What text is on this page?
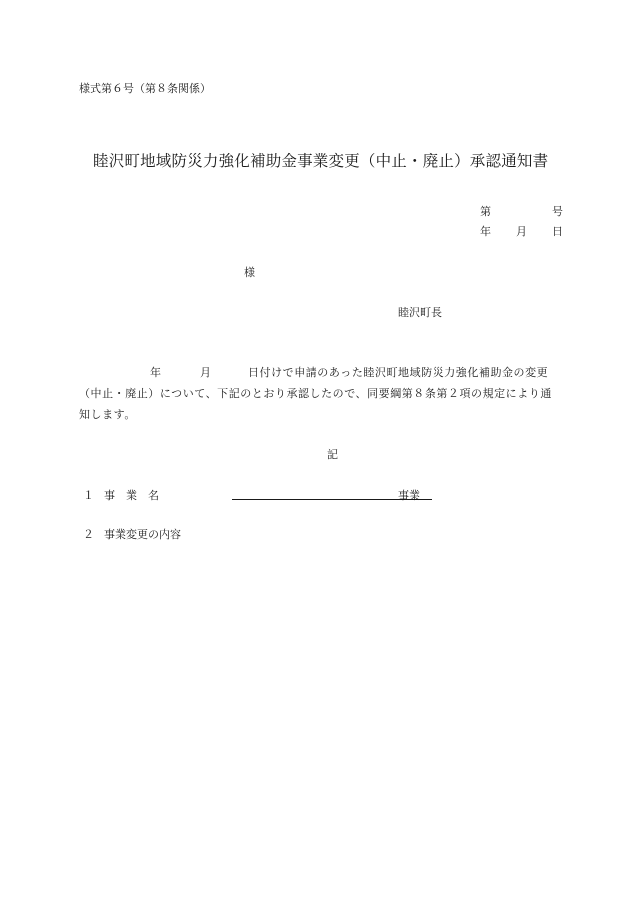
様式第６号（第８条関係）
睦沢町地域防災力強化補助金事業変更（中止・廃止）承認通知書
第	号
年 月 日
様
睦沢町長
年	月	日付けで申請のあった睦沢町地域防災力強化補助金の変更
（中止・廃止）について、下記のとおり承認したので、同要綱第８条第２項の規定により通
知します。
記
１ 事　業　名	事業
２ 事業変更の内容
